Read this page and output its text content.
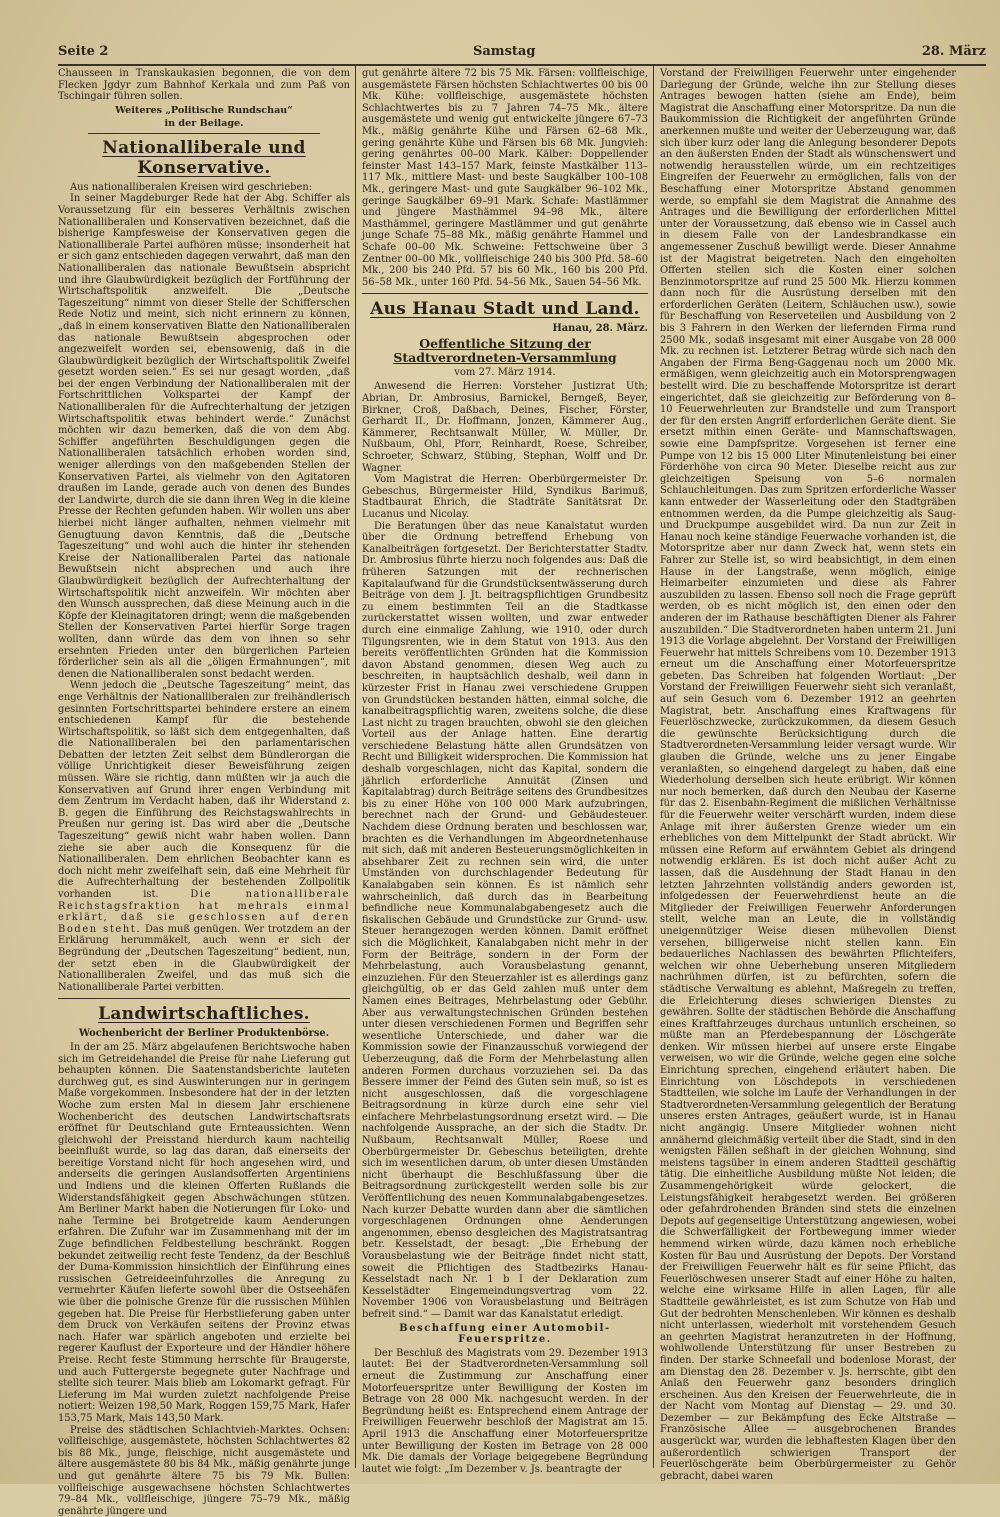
Seite 2	Samstag	28. März

Chausseen in Transkaukasien begonnen, die von dem Flecken Jgdyr zum Bahnhof Kerkala und zum Paß von Tschingair führen sollen.

Weiteres „Politische Rundschau“
in der Beilage.
Nationalliberale und Konservative.

Aus nationalliberalen Kreisen wird geschrieben:

In seiner Magdeburger Rede hat der Abg. Schiffer als Voraussetzung für ein besseres Verhältnis zwischen Nationalliberalen und Konservativen bezeichnet, daß die bisherige Kampfesweise der Konservativen gegen die Nationalliberale Partei aufhören müsse; insonderheit hat er sich ganz entschieden dagegen verwahrt, daß man den Nationalliberalen das nationale Bewußtsein abspricht und ihre Glaubwürdigkeit bezüglich der Fortführung der Wirtschaftspolitik anzweifelt. Die „Deutsche Tageszeitung“ nimmt von dieser Stelle der Schifferschen Rede Notiz und meint, sich nicht erinnern zu können, „daß in einem konservativen Blatte den Nationalliberalen das nationale Bewußtsein abgesprochen oder angezweifelt worden sei, ebensowenig, daß in die Glaubwürdigkeit bezüglich der Wirtschaftspolitik Zweifel gesetzt worden seien.“ Es sei nur gesagt worden, „daß bei der engen Verbindung der Nationalliberalen mit der Fortschrittlichen Volkspartei der Kampf der Nationalliberalen für die Aufrechterhaltung der jetzigen Wirtschaftspolitik etwas behindert werde.“ Zunächst möchten wir dazu bemerken, daß die von dem Abg. Schiffer angeführten Beschuldigungen gegen die Nationalliberalen tatsächlich erhoben worden sind, weniger allerdings von den maßgebenden Stellen der Konservativen Partei, als vielmehr von den Agitatoren draußen im Lande, gerade auch von denen des Bundes der Landwirte, durch die sie dann ihren Weg in die kleine Presse der Rechten gefunden haben. Wir wollen uns aber hierbei nicht länger aufhalten, nehmen vielmehr mit Genugtuung davon Kenntnis, daß die „Deutsche Tageszeitung“ und wohl auch die hinter ihr stehenden Kreise der Nationalliberalen Partei das nationale Bewußtsein nicht absprechen und auch ihre Glaubwürdigkeit bezüglich der Aufrechterhaltung der Wirtschaftspolitik nicht anzweifeln. Wir möchten aber den Wunsch aussprechen, daß diese Meinung auch in die Köpfe der Kleinagitatoren dringt; wenn die maßgebenden Stellen der Konservativen Partei hierfür Sorge tragen wollten, dann würde das dem von ihnen so sehr ersehnten Frieden unter den bürgerlichen Parteien förderlicher sein als all die „öligen Ermahnungen“, mit denen die Nationalliberalen sonst bedacht werden.

Wenn jedoch die „Deutsche Tageszeitung“ meint, das enge Verhältnis der Nationalliberalen zur freihändlerisch gesinnten Fortschrittspartei behindere erstere an einem entschiedenen Kampf für die bestehende Wirtschaftspolitik, so läßt sich dem entgegenhalten, daß die Nationalliberalen bei den parlamentarischen Debatten der letzten Zeit selbst dem Bündlerorgan die völlige Unrichtigkeit dieser Beweisführung zeigen müssen. Wäre sie richtig, dann müßten wir ja auch die Konservativen auf Grund ihrer engen Verbindung mit dem Zentrum im Verdacht haben, daß ihr Widerstand z. B. gegen die Einführung des Reichstagswahlrechts in Preußen nur gering ist. Das wird aber die „Deutsche Tageszeitung“ gewiß nicht wahr haben wollen. Dann ziehe sie aber auch die Konsequenz für die Nationalliberalen. Dem ehrlichen Beobachter kann es doch nicht mehr zweifelhaft sein, daß eine Mehrheit für die Aufrechterhaltung der bestehenden Zollpolitik vorhanden ist.	Die nationalliberale Reichstagsfraktion hat mehrals einmal erklärt, daß sie geschlossen auf deren Boden steht. Das muß genügen. Wer trotzdem an der Erklärung herummäkelt, auch wenn er sich der Begründung der „Deutschen Tageszeitung“ bedient, nun, der setzt eben in die Glaubwürdigkeit der Nationalliberalen Zweifel, und das muß sich die Nationalliberale Partei verbitten.

Landwirtschaftliches.
Wochenbericht der Berliner Produktenbörse.

In der am 25. März abgelaufenen Berichtswoche haben sich im Getreidehandel die Preise für nahe Lieferung gut behaupten können. Die Saatenstandsberichte lauteten durchweg gut, es sind Auswinterungen nur in geringem Maße vorgekommen. Insbesondere hat der in der letzten Woche zum ersten Mal in diesem Jahr erschienene Wochenbericht des deutschen Landwirtschaftsrats eröffnet für Deutschland gute Ernteaussichten. Wenn gleichwohl der Preisstand hierdurch kaum nachteilig beeinflußt wurde, so lag das daran, daß einerseits der bereitige Vorstand nicht für hoch angesehen wird, und anderseits die geringen Auslandsofferten Argentiniens und Indiens und die kleinen Offerten Rußlands die Widerstandsfähigkeit gegen Abschwächungen stützen. Am Berliner Markt haben die Notierungen für Loko- und nahe Termine bei Brotgetreide kaum Aenderungen erfahren. Die Zufuhr war im Zusammenhang mit der im Zuge befindlichen Feldbestellung beschränkt. Roggen bekundet zeitweilig recht feste Tendenz, da der Beschluß der Duma-Kommission hinsichtlich der Einführung eines russischen Getreideeinfuhrzolles die Anregung zu vermehrter Käufen lieferte sowohl über die Ostseehäfen wie über die polnische Grenze für die russischen Mühlen gegeben hat. Die Preise für Herbstlieferung gaben unter dem Druck von Verkäufen seitens der Provinz etwas nach. Hafer war spärlich angeboten und erzielte bei regerer Kauflust der Exporteure und der Händler höhere Preise. Recht feste Stimmung herrschte für Braugerste, und auch Futtergerste begegnete guter Nachfrage und stellte sich teurer. Mais blieb am Lokomarkt gefragt. Für Lieferung im Mai wurden zuletzt nachfolgende Preise notiert: Weizen 198,50 Mark, Roggen 159,75 Mark, Hafer 153,75 Mark, Mais 143,50 Mark.

Preise des städtischen Schlachtvieh-Marktes. Ochsen: vollfleischige, ausgemästete, höchsten Schlachtwertes 82 bis 88 Mk., junge, fleischige, nicht ausgemästete und ältere ausgemästete 80 bis 84 Mk., mäßig genährte junge und gut genährte ältere 75 bis 79 Mk. Bullen: vollfleischige ausgewachsene höchsten Schlachtwertes 79–84 Mk., vollfleischige, jüngere 75–79 Mk., mäßig genährte jüngere und

gut genährte ältere 72 bis 75 Mk. Färsen: vollfleischige, ausgemästete Färsen höchsten Schlachtwertes 00 bis 00 Mk. Kühe: vollfleischige, ausgemästete höchsten Schlachtwertes bis zu 7 Jahren 74–75 Mk., ältere ausgemästete und wenig gut entwickelte jüngere 67–73 Mk., mäßig genährte Kühe und Färsen 62–68 Mk., gering genährte Kühe und Färsen bis 68 Mk. Jungvieh: gering genährtes 00–00 Mark. Kälber: Doppellender feinster Mast 143–157 Mark, feinste Mastkälber 113–117 Mk., mittlere Mast- und beste Saugkälber 100–108 Mk., geringere Mast- und gute Saugkälber 96–102 Mk., geringe Saugkälber 69–91 Mark. Schafe: Mastlämmer und jüngere Masthämmel 94–98 Mk., ältere Masthämmel, geringere Mastlämmer und gut genährte junge Schafe 75–88 Mk., mäßig genährte Hammel und Schafe 00–00 Mk. Schweine: Fettschweine über 3 Zentner 00–00 Mk., vollfleischige 240 bis 300 Pfd. 58–60 Mk., 200 bis 240 Pfd. 57 bis 60 Mk., 160 bis 200 Pfd. 56–58 Mk., unter 160 Pfd. 54–56 Mk., Sauen 54–56 Mk.

Aus Hanau Stadt und Land.
Hanau, 28. März.
Oeffentliche Sitzung der Stadtverordneten-Versammlung
vom 27. März 1914.

Anwesend die Herren: Vorsteher Justizrat Uth; Abrian, Dr. Ambrosius, Barnickel, Berngeß, Beyer, Birkner, Croß, Daßbach, Deines, Fischer, Förster, Gerhardt II., Dr. Hoffmann, Jonzen, Kämmerer Aug., Kämmerer, Rechtsanwalt Müller, W. Müller, Dr. Nußbaum, Ohl, Pforr, Reinhardt, Roese, Schreiber, Schroeter, Schwarz, Stübing, Stephan, Wolff und Dr. Wagner.

Vom Magistrat die Herren: Oberbürgermeister Dr. Gebeschus, Bürgermeister Hild, Syndikus Barimuß, Stadtbaurat Ehrich, die Stadträte Sanitätsrat Dr. Lucanus und Nicolay.

Die Beratungen über das neue Kanalstatut wurden über die Ordnung betreffend Erhebung von Kanalbeiträgen fortgesetzt. Der Berichterstatter Stadtv. Dr. Ambrosius führte hierzu noch folgendes aus: Daß die früheren Satzungen mit der rechnerischen Kapitalaufwand für die Grundstücksentwässerung durch Beiträge von dem J. Jt. beitragspflichtigen Grundbesitz zu einem bestimmten Teil an die Stadtkasse zurückerstattet wissen wollten, und zwar entweder durch eine einmalige Zahlung, wie 1910, oder durch Tilgungsrenten, wie in dem Statut von 1913. Aus den bereits veröffentlichten Gründen hat die Kommission davon Abstand genommen, diesen Weg auch zu beschreiten, in hauptsächlich deshalb, weil dann in kürzester Frist in Hanau zwei verschiedene Gruppen von Grundstücken bestanden hätten, einmal solche, die kanalbeitragspflichtig waren, zweitens solche, die diese Last nicht zu tragen brauchten, obwohl sie den gleichen Vorteil aus der Anlage hatten. Eine derartig verschiedene Belastung hätte allen Grundsätzen von Recht und Billigkeit widersprochen. Die Kommission hat deshalb vorgeschlagen, nicht das Kapital, sondern die jährlich erforderliche Annuität (Zinsen und Kapitalabtrag) durch Beiträge seitens des Grundbesitzes bis zu einer Höhe von 100 000 Mark aufzubringen, berechnet nach der Grund- und Gebäudesteuer. Nachdem diese Ordnung beraten und beschlossen war, brachten es die Verhandlungen im Abgeordnetenhause mit sich, daß mit anderen Besteuerungsmöglichkeiten in absehbarer Zeit zu rechnen sein wird, die unter Umständen von durchschlagender Bedeutung für Kanalabgaben sein können. Es ist nämlich sehr wahrscheinlich, daß durch das in Bearbeitung befindliche neue Kommunalabgabengesetz auch die fiskalischen Gebäude und Grundstücke zur Grund- usw. Steuer herangezogen werden können. Damit eröffnet sich die Möglichkeit, Kanalabgaben nicht mehr in der Form der Beiträge, sondern in der Form der Mehrbelastung, auch Vorausbelastung genannt, einzuziehen. Für den Steuerzahler ist es allerdings ganz gleichgültig, ob er das Geld zahlen muß unter dem Namen eines Beitrages, Mehrbelastung oder Gebühr. Aber aus verwaltungstechnischen Gründen bestehen unter diesen verschiedenen Formen und Begriffen sehr wesentliche Unterschiede, und daher war die Kommission sowie der Finanzausschuß vorwiegend der Ueberzeugung, daß die Form der Mehrbelastung allen anderen Formen durchaus vorzuziehen sei. Da das Bessere immer der Feind des Guten sein muß, so ist es nicht ausgeschlossen, daß die vorgeschlagene Beitragsordnung in kürze durch eine sehr viel einfachere Mehrbelastungsordnung ersetzt wird. — Die nachfolgende Aussprache, an der sich die Stadtv. Dr. Nußbaum, Rechtsanwalt Müller, Roese und Oberbürgermeister Dr. Gebeschus beteiligten, drehte sich im wesentlichen darum, ob unter diesen Umständen nicht überhaupt die Beschlußfassung über die Beitragsordnung zurückgestellt werden solle bis zur Veröffentlichung des neuen Kommunalabgabengesetzes. Nach kurzer Debatte wurden dann aber die sämtlichen vorgeschlagenen Ordnungen ohne Aenderungen angenommen, ebenso desgleichen des Magistratsantrag betr. Kesselstadt, der besagt: „Die Erhebung der Vorausbelastung wie der Beiträge findet nicht statt, soweit die Pflichtigen des Stadtbezirks Hanau-Kesselstadt nach Nr. 1 b I der Deklaration zum Kesselstädter Eingemeindungsvertrag vom 22. November 1906 von Vorausbelastung und Beiträgen befreit sind.“ — Damit war das Kanalstatut erledigt.

Beschaffung einer Automobil-Feuerspritze.

Der Beschluß des Magistrats vom 29. Dezember 1913 lautet: Bei der Stadtverordneten-Versammlung soll erneut die Zustimmung zur Anschaffung einer Motorfeuerspritze unter Bewilligung der Kosten im Betrage von 28 000 Mk. nachgesucht werden. In der Begründung heißt es: Entsprechend einem Antrage der Freiwilligen Feuerwehr beschloß der Magistrat am 15. April 1913 die Anschaffung einer Motorfeuerspritze unter Bewilligung der Kosten im Betrage von 28 000 Mk. Die damals der Vorlage beigegebene Begründung lautet wie folgt: „Im Dezember v. Js. beantragte der

Vorstand der Freiwilligen Feuerwehr unter eingehender Darlegung der Gründe, welche ihn zur Stellung dieses Antrages bewogen hatten (siehe am Ende), beim Magistrat die Anschaffung einer Motorspritze. Da nun die Baukommission die Richtigkeit der angeführten Gründe anerkennen mußte und weiter der Ueberzeugung war, daß sich über kurz oder lang die Anlegung besonderer Depots an den äußersten Enden der Stadt als wünschenswert und notwendig herausstellen würde, um ein rechtzeitiges Eingreifen der Feuerwehr zu ermöglichen, falls von der Beschaffung einer Motorspritze Abstand genommen werde, so empfahl sie dem Magistrat die Annahme des Antrages und die Bewilligung der erforderlichen Mittel unter der Voraussetzung, daß ebenso wie in Cassel auch in diesem Falle von der Landesbrandkasse ein angemessener Zuschuß bewilligt werde. Dieser Annahme ist der Magistrat beigetreten. Nach den eingeholten Offerten stellen sich die Kosten einer solchen Benzinmotorspritze auf rund 25 500 Mk. Hierzu kommen dann noch für die Ausrüstung derselben mit den erforderlichen Geräten (Leitern, Schläuchen usw.), sowie für Beschaffung von Reserveteilen und Ausbildung von 2 bis 3 Fahrern in den Werken der liefernden Firma rund 2500 Mk., sodaß insgesamt mit einer Ausgabe von 28 000 Mk. zu rechnen ist. Letzterer Betrag würde sich nach den Angaben der Firma Beng-Gaggenau noch um 2000 Mk. ermäßigen, wenn gleichzeitig auch ein Motorsprengwagen bestellt wird. Die zu beschaffende Motorspritze ist derart eingerichtet, daß sie gleichzeitig zur Beförderung von 8–10 Feuerwehrleuten zur Brandstelle und zum Transport der für den ersten Angriff erforderlichen Geräte dient. Sie ersetzt mithin einen Geräte- und Mannschaftswagen, sowie eine Dampfspritze. Vorgesehen ist ferner eine Pumpe von 12 bis 15 000 Liter Minutenleistung bei einer Förderhöhe von circa 90 Meter. Dieselbe reicht aus zur gleichzeitigen Speisung von 5–6 normalen Schlauchleitungen. Das zum Spritzen erforderliche Wasser kann entweder der Wasserleitung oder den Stadtgräben entnommen werden, da die Pumpe gleichzeitig als Saug- und Druckpumpe ausgebildet wird. Da nun zur Zeit in Hanau noch keine ständige Feuerwache vorhanden ist, die Motorspritze aber nur dann Zweck hat, wenn stets ein Fahrer zur Stelle ist, so wird beabsichtigt, in dem einen Hause in der Langstraße, wenn möglich, einige Heimarbeiter einzumieten und diese als Fahrer auszubilden zu lassen. Ebenso soll noch die Frage geprüft werden, ob es nicht möglich ist, den einen oder den anderen der im Rathause beschäftigten Diener als Fahrer auszubilden.“ Die Stadtverordneten haben unterm 21. Juni 1913 die Vorlage abgelehnt. Der Vorstand der Freiwilligen Feuerwehr hat mittels Schreibens vom 10. Dezember 1913 erneut um die Anschaffung einer Motorfeuerspritze gebeten. Das Schreiben hat folgenden Wortlaut: „Der Vorstand der Freiwilligen Feuerwehr sieht sich veranlaßt, auf sein Gesuch vom 6. Dezember 1912 an geehrten Magistrat, betr. Anschaffung eines Kraftwagens für Feuerlöschzwecke, zurückzukommen, da diesem Gesuch die gewünschte Berücksichtigung durch die Stadtverordneten-Versammlung leider versagt wurde. Wir glauben die Gründe, welche uns zu jener Eingabe veranlaßten, so eingehend dargelegt zu haben, daß eine Wiederholung derselben sich heute erübrigt. Wir können nur noch bemerken, daß durch den Neubau der Kaserne für das 2. Eisenbahn-Regiment die mißlichen Verhältnisse für die Feuerwehr weiter verschärft wurden, indem diese Anlage mit ihrer äußersten Grenze wieder um ein erhebliches von dem Mittelpunkt der Stadt abrückt. Wir müssen eine Reform auf erwähntem Gebiet als dringend notwendig erklären. Es ist doch nicht außer Acht zu lassen, daß die Ausdehnung der Stadt Hanau in den letzten Jahrzehnten vollständig anders geworden ist, infolgedessen der Feuerwehrdienst heute an die Mitglieder der Freiwilligen Feuerwehr Anforderungen stellt, welche man an Leute, die in vollständig uneigennütziger Weise diesen mühevollen Dienst versehen, billigerweise nicht stellen kann. Ein bedauerliches Nachlassen des bewährten Pflichteifers, welchen wir ohne Ueberhebung unseren Mitgliedern nachrühmen dürfen, ist zu befürchten, sofern die städtische Verwaltung es ablehnt, Maßregeln zu treffen, die Erleichterung dieses schwierigen Dienstes zu gewähren. Sollte der städtischen Behörde die Anschaffung eines Kraftfahrzeuges durchaus untunlich erscheinen, so müßte man an Pferdebespannung der Löschgeräte denken. Wir müssen hierbei auf unsere erste Eingabe verweisen, wo wir die Gründe, welche gegen eine solche Einrichtung sprechen, eingehend erläutert haben. Die Einrichtung von Löschdepots in verschiedenen Stadtteilen, wie solche im Laufe der Verhandlungen in der Stadtverordneten-Versammlung gelegentlich der Beratung unseres ersten Antrages, geäußert wurde, ist in Hanau nicht angängig. Unsere Mitglieder wohnen nicht annähernd gleichmäßig verteilt über die Stadt, sind in den wenigsten Fällen seßhaft in der gleichen Wohnung, sind meistens tagsüber in einem anderen Stadtteil geschäftig tätig. Die einheitliche Ausbildung müßte Not leiden; die Zusammengehörigkeit würde gelockert, die Leistungsfähigkeit herabgesetzt werden. Bei größeren oder gefahrdrohenden Bränden sind stets die einzelnen Depots auf gegenseitige Unterstützung angewiesen, wobei die Schwerfälligkeit der Fortbewegung immer wieder hemmend wirken würde, dazu kämen noch erhebliche Kosten für Bau und Ausrüstung der Depots. Der Vorstand der Freiwilligen Feuerwehr hält es für seine Pflicht, das Feuerlöschwesen unserer Stadt auf einer Höhe zu halten, welche eine wirksame Hilfe in allen Lagen, für alle Stadtteile gewährleistet, es ist zum Schutze von Hab und Gut der bedrohten Menschenleben. Wir können es deshalb nicht unterlassen, wiederholt mit vorstehendem Gesuch an geehrten Magistrat heranzutreten in der Hoffnung, wohlwollende Unterstützung für unser Bestreben zu finden. Der starke Schneefall und bodenlose Morast, der am Dienstag den 28. Dezember v. Js. herrschte, gibt den Anlaß den Feuerwehr ganz besonders dringlich erscheinen. Aus den Kreisen der Feuerwehrleute, die in der Nacht vom Montag auf Dienstag — 29. und 30. Dezember — zur Bekämpfung des Ecke Altstraße — Französische Allee — ausgebrochenen Brandes ausgerückt war, wurden die lebhaftesten Klagen über den außerordentlich schwierigen Transport der Feuerlöschgeräte beim Oberbürgermeister zu Gehör gebracht, dabei waren
